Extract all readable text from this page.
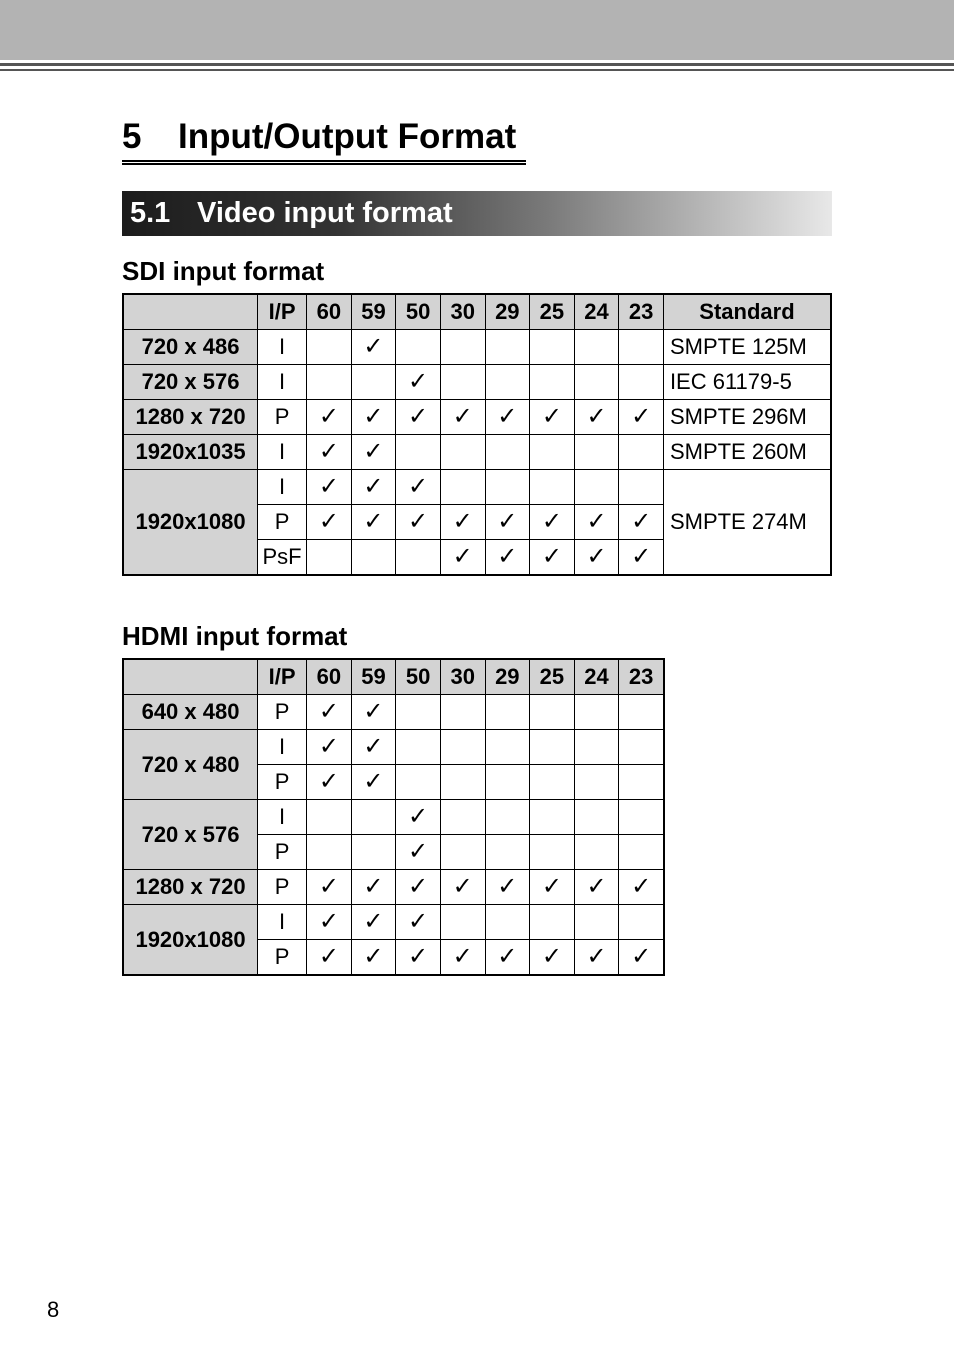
5 Input/Output Format
5.1 Video input format
SDI input format
	I/P	60	59	50	30	29	25	24	23	Standard
720 x 486	I		✓							SMPTE 125M
720 x 576	I			✓						IEC 61179-5
1280 x 720	P	✓	✓	✓	✓	✓	✓	✓	✓	SMPTE 296M
1920x1035	I	✓	✓							SMPTE 260M
1920x1080	I	✓	✓	✓						SMPTE 274M
	P	✓	✓	✓	✓	✓	✓	✓	✓	
	PsF				✓	✓	✓	✓	✓	
HDMI input format
	I/P	60	59	50	30	29	25	24	23
640 x 480	P	✓	✓						
720 x 480	I	✓	✓						
	P	✓	✓						
720 x 576	I			✓					
	P			✓					
1280 x 720	P	✓	✓	✓	✓	✓	✓	✓	✓
1920x1080	I	✓	✓	✓					
	P	✓	✓	✓	✓	✓	✓	✓	✓
8
